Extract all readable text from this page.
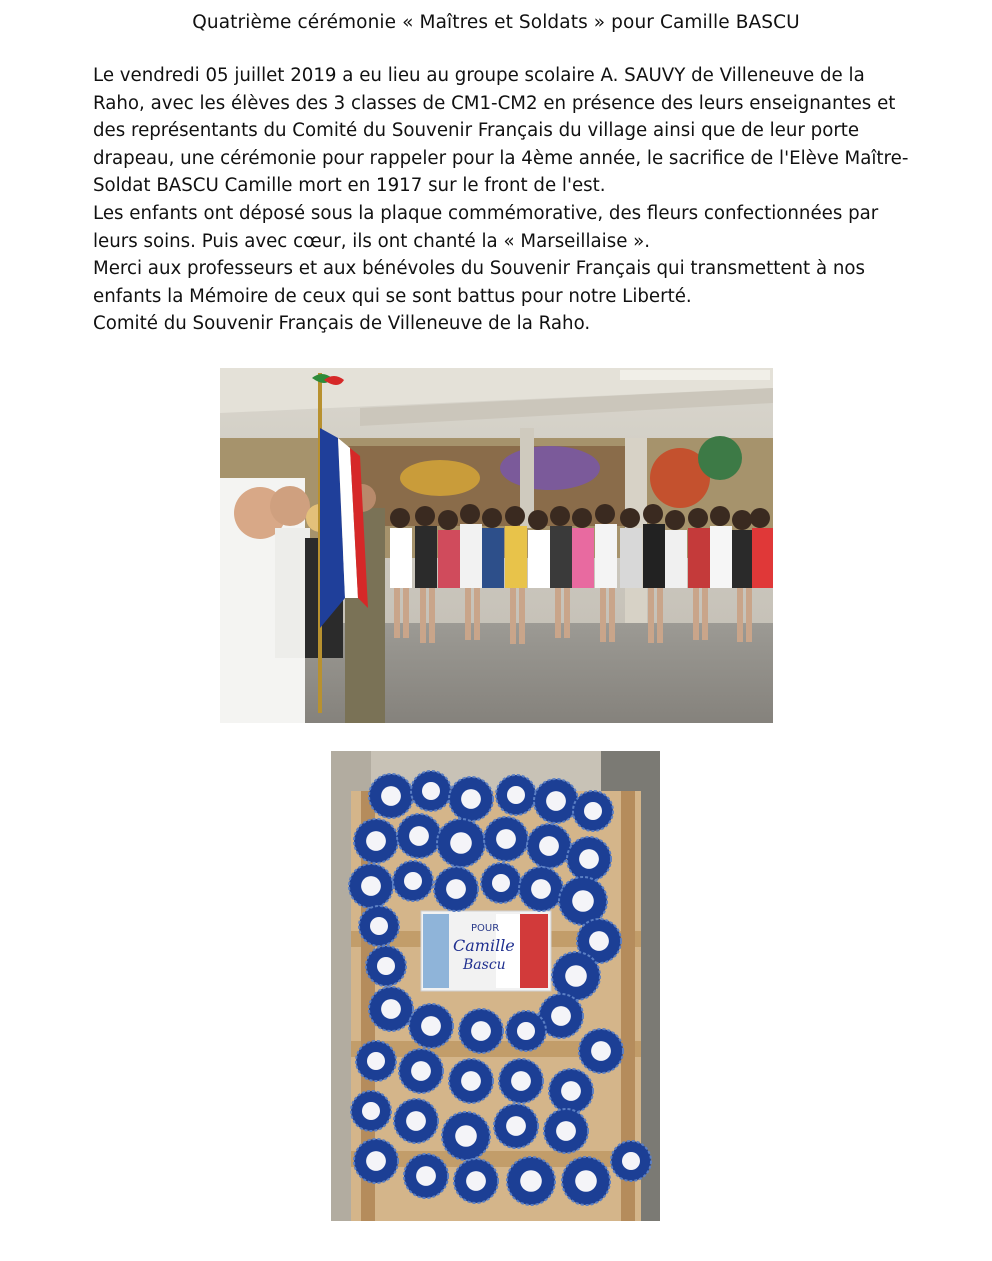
Quatrième cérémonie « Maîtres et Soldats » pour Camille BASCU

Le vendredi 05 juillet 2019 a eu lieu au groupe scolaire A. SAUVY de Villeneuve de la Raho, avec les élèves des 3 classes de CM1-CM2 en présence des leurs enseignantes et des représentants du Comité du Souvenir Français du village ainsi que de leur porte drapeau, une cérémonie pour rappeler pour la 4ème année, le sacrifice de l'Elève Maître-Soldat BASCU Camille mort en 1917 sur le front de l'est.

Les enfants ont déposé sous la plaque commémorative, des fleurs confectionnées par leurs soins. Puis avec cœur, ils ont chanté la « Marseillaise ».

Merci aux professeurs et aux bénévoles du Souvenir Français qui transmettent à nos enfants la Mémoire de ceux qui se sont battus pour notre Liberté.

Comité du Souvenir Français de Villeneuve de la Raho.

POUR
Camille
Bascu
